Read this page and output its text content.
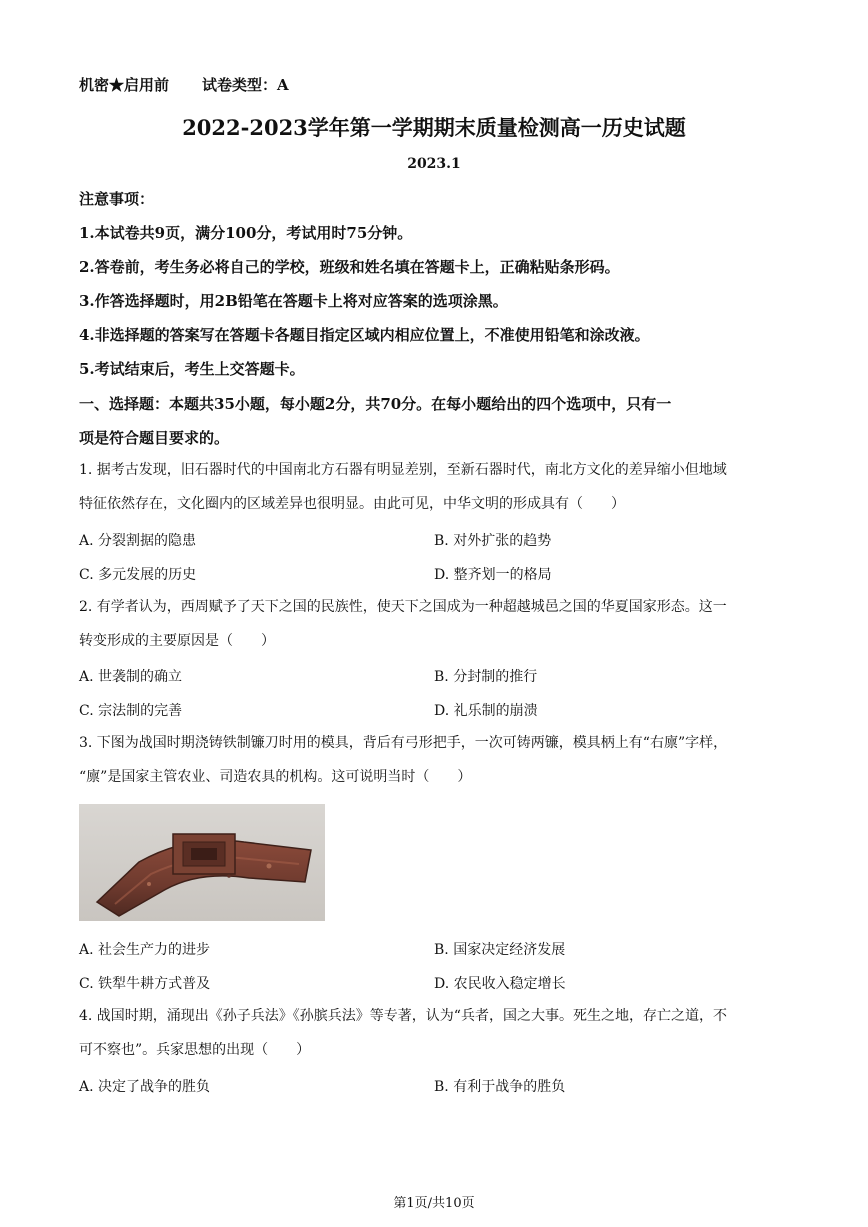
机密★启用前 试卷类型：A
2022-2023学年第一学期期末质量检测高一历史试题
2023.1
注意事项：
1.本试卷共9页，满分100分，考试用时75分钟。
2.答卷前，考生务必将自己的学校，班级和姓名填在答题卡上，正确粘贴条形码。
3.作答选择题时，用2B铅笔在答题卡上将对应答案的选项涂黑。
4.非选择题的答案写在答题卡各题目指定区域内相应位置上，不准使用铅笔和涂改液。
5.考试结束后，考生上交答题卡。
一、选择题：本题共35小题，每小题2分，共70分。在每小题给出的四个选项中，只有一
项是符合题目要求的。
1. 据考古发现，旧石器时代的中国南北方石器有明显差别，至新石器时代，南北方文化的差异缩小但地域
特征依然存在，文化圈内的区域差异也很明显。由此可见，中华文明的形成具有（　　）
A. 分裂割据的隐患	B. 对外扩张的趋势
C. 多元发展的历史	D. 整齐划一的格局
2. 有学者认为，西周赋予了天下之国的民族性，使天下之国成为一种超越城邑之国的华夏国家形态。这一
转变形成的主要原因是（　　）
A. 世袭制的确立	B. 分封制的推行
C. 宗法制的完善	D. 礼乐制的崩溃
3. 下图为战国时期浇铸铁制镰刀时用的模具，背后有弓形把手，一次可铸两镰，模具柄上有“右廪”字样，
“廪”是国家主管农业、司造农具的机构。这可说明当时（　　）
A. 社会生产力的进步	B. 国家决定经济发展
C. 铁犁牛耕方式普及	D. 农民收入稳定增长
4. 战国时期，涌现出《孙子兵法》《孙膑兵法》等专著，认为“兵者，国之大事。死生之地，存亡之道，不
可不察也”。兵家思想的出现（　　）
A. 决定了战争的胜负	B. 有利于战争的胜负
第1页/共10页
